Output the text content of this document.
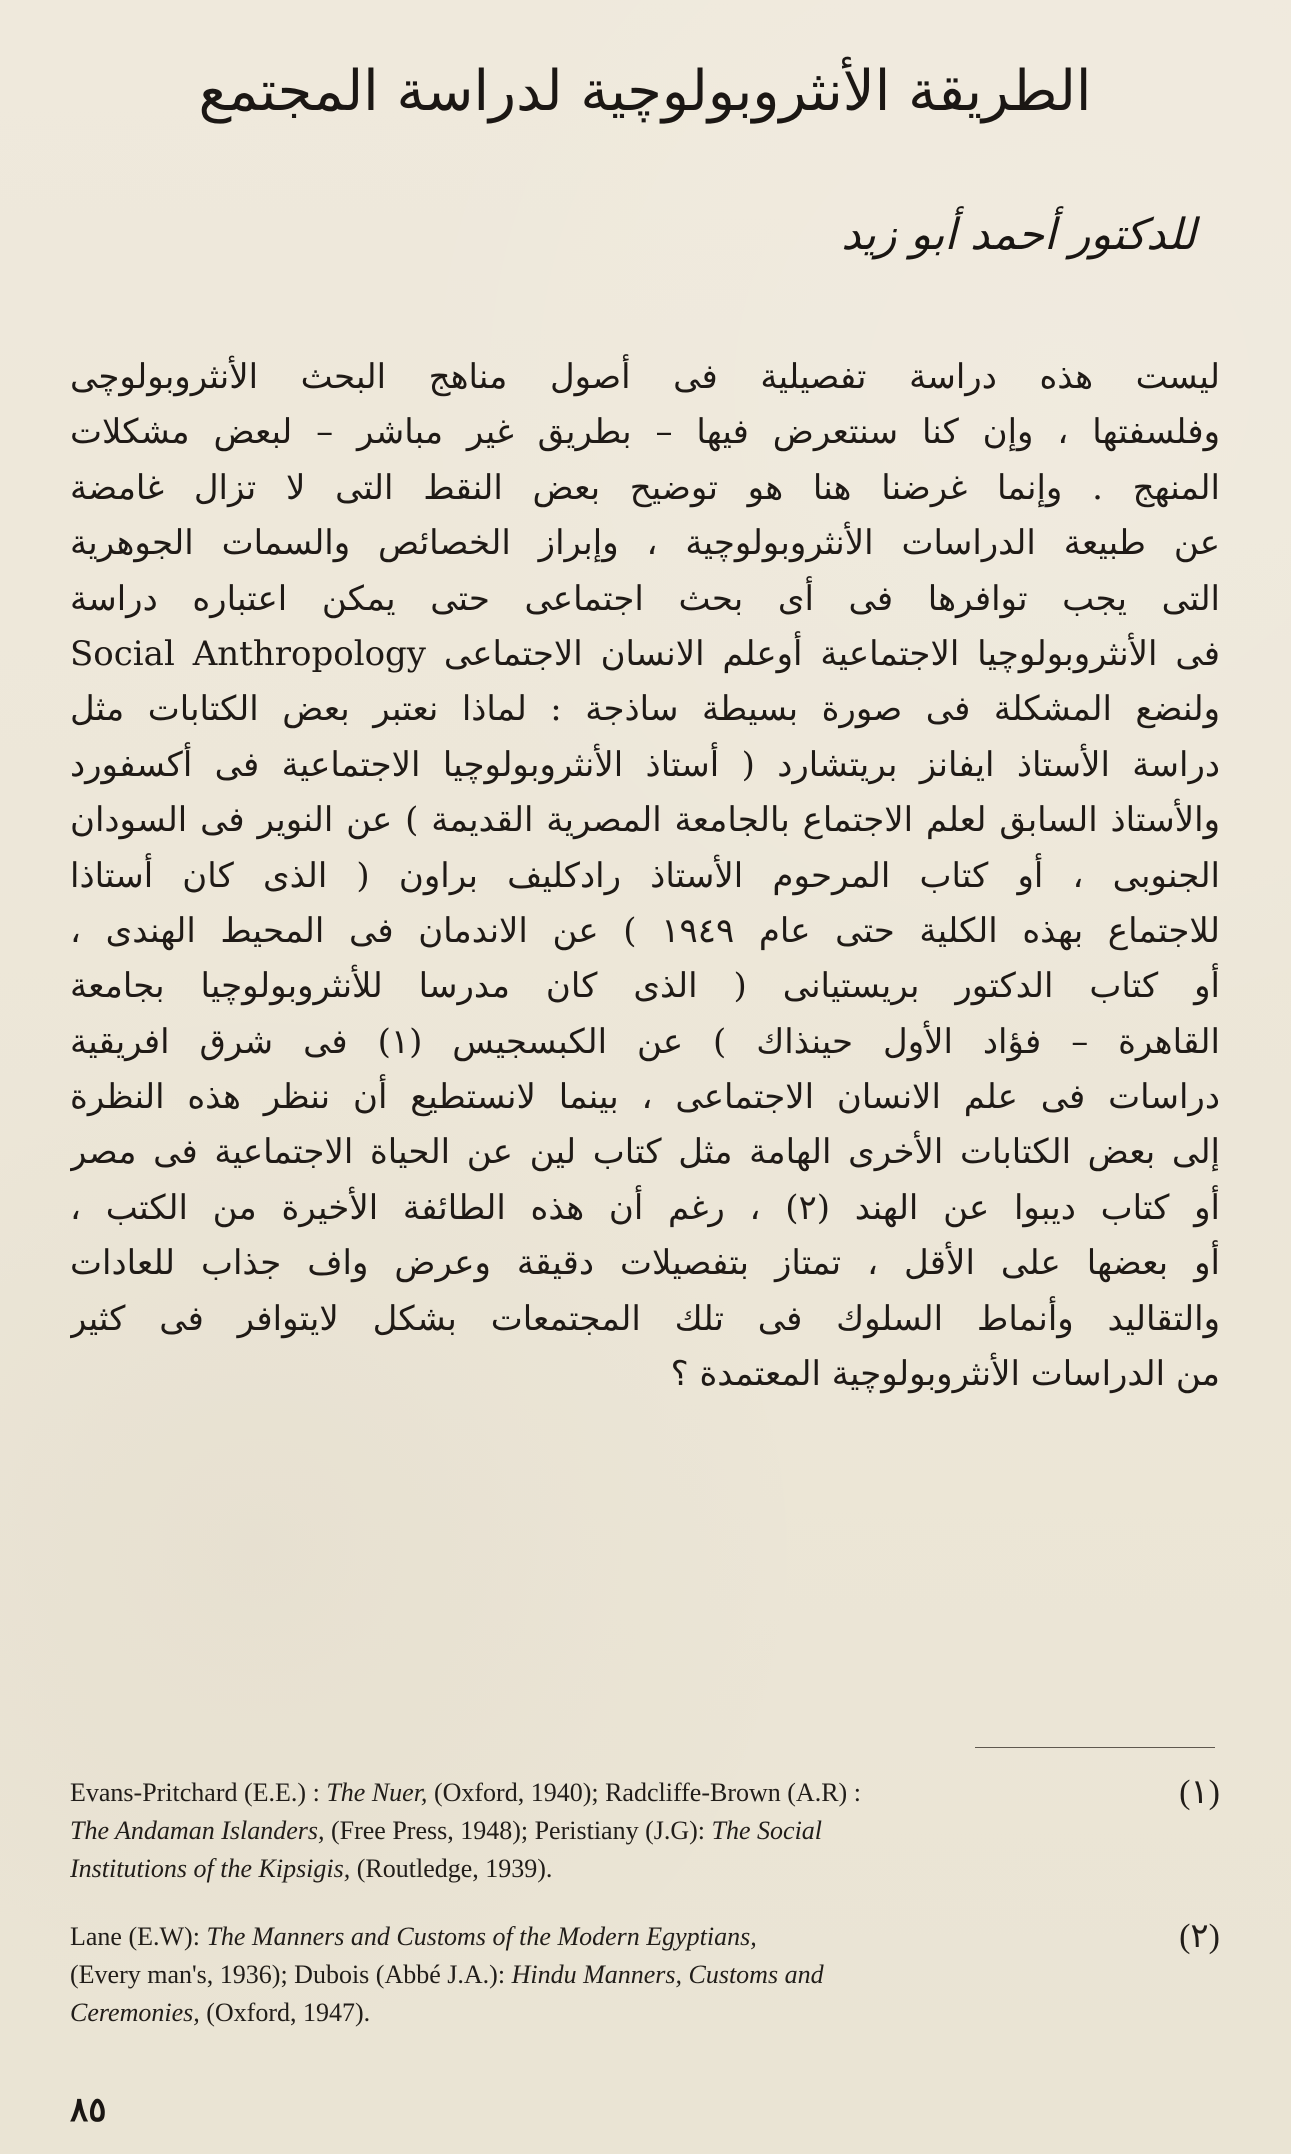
الطريقة الأنثروبولوچية لدراسة المجتمع
للدكتور أحمد أبو زيد
ليست هذه دراسة تفصيلية فى أصول مناهج البحث الأنثروبولوچى
وفلسفتها ، وإن كنا سنتعرض فيها – بطريق غير مباشر – لبعض مشكلات
المنهج . وإنما غرضنا هنا هو توضيح بعض النقط التى لا تزال غامضة
عن طبيعة الدراسات الأنثروبولوچية ، وإبراز الخصائص والسمات الجوهرية
التى يجب توافرها فى أى بحث اجتماعى حتى يمكن اعتباره دراسة
فى الأنثروبولوچيا الاجتماعية أوعلم الانسان الاجتماعى Social Anthropology
ولنضع المشكلة فى صورة بسيطة ساذجة : لماذا نعتبر بعض الكتابات مثل
دراسة الأستاذ ايفانز بريتشارد ( أستاذ الأنثروبولوچيا الاجتماعية فى أكسفورد
والأستاذ السابق لعلم الاجتماع بالجامعة المصرية القديمة ) عن النوير فى السودان
الجنوبى ، أو كتاب المرحوم الأستاذ رادكليف براون ( الذى كان أستاذا
للاجتماع بهذه الكلية حتى عام ١٩٤٩ ) عن الاندمان فى المحيط الهندى ،
أو كتاب الدكتور بريستيانى ( الذى كان مدرسا للأنثروبولوچيا بجامعة
القاهرة – فؤاد الأول حينذاك ) عن الكبسجيس (١) فى شرق افريقية
دراسات فى علم الانسان الاجتماعى ، بينما لانستطيع أن ننظر هذه النظرة
إلى بعض الكتابات الأخرى الهامة مثل كتاب لين عن الحياة الاجتماعية فى مصر
أو كتاب ديبوا عن الهند (٢) ، رغم أن هذه الطائفة الأخيرة من الكتب ،
أو بعضها على الأقل ، تمتاز بتفصيلات دقيقة وعرض واف جذاب للعادات
والتقاليد وأنماط السلوك فى تلك المجتمعات بشكل لايتوافر فى كثير
من الدراسات الأنثروبولوچية المعتمدة ؟
(١)
Evans-Pritchard (E.E.) : The Nuer, (Oxford, 1940); Radcliffe-Brown (A.R) :
The Andaman Islanders, (Free Press, 1948); Peristiany (J.G): The Social
Institutions of the Kipsigis, (Routledge, 1939).
(٢)
Lane (E.W): The Manners and Customs of the Modern Egyptians,
(Every man's, 1936); Dubois (Abbé J.A.): Hindu Manners, Customs and
Ceremonies, (Oxford, 1947).
٨٥
